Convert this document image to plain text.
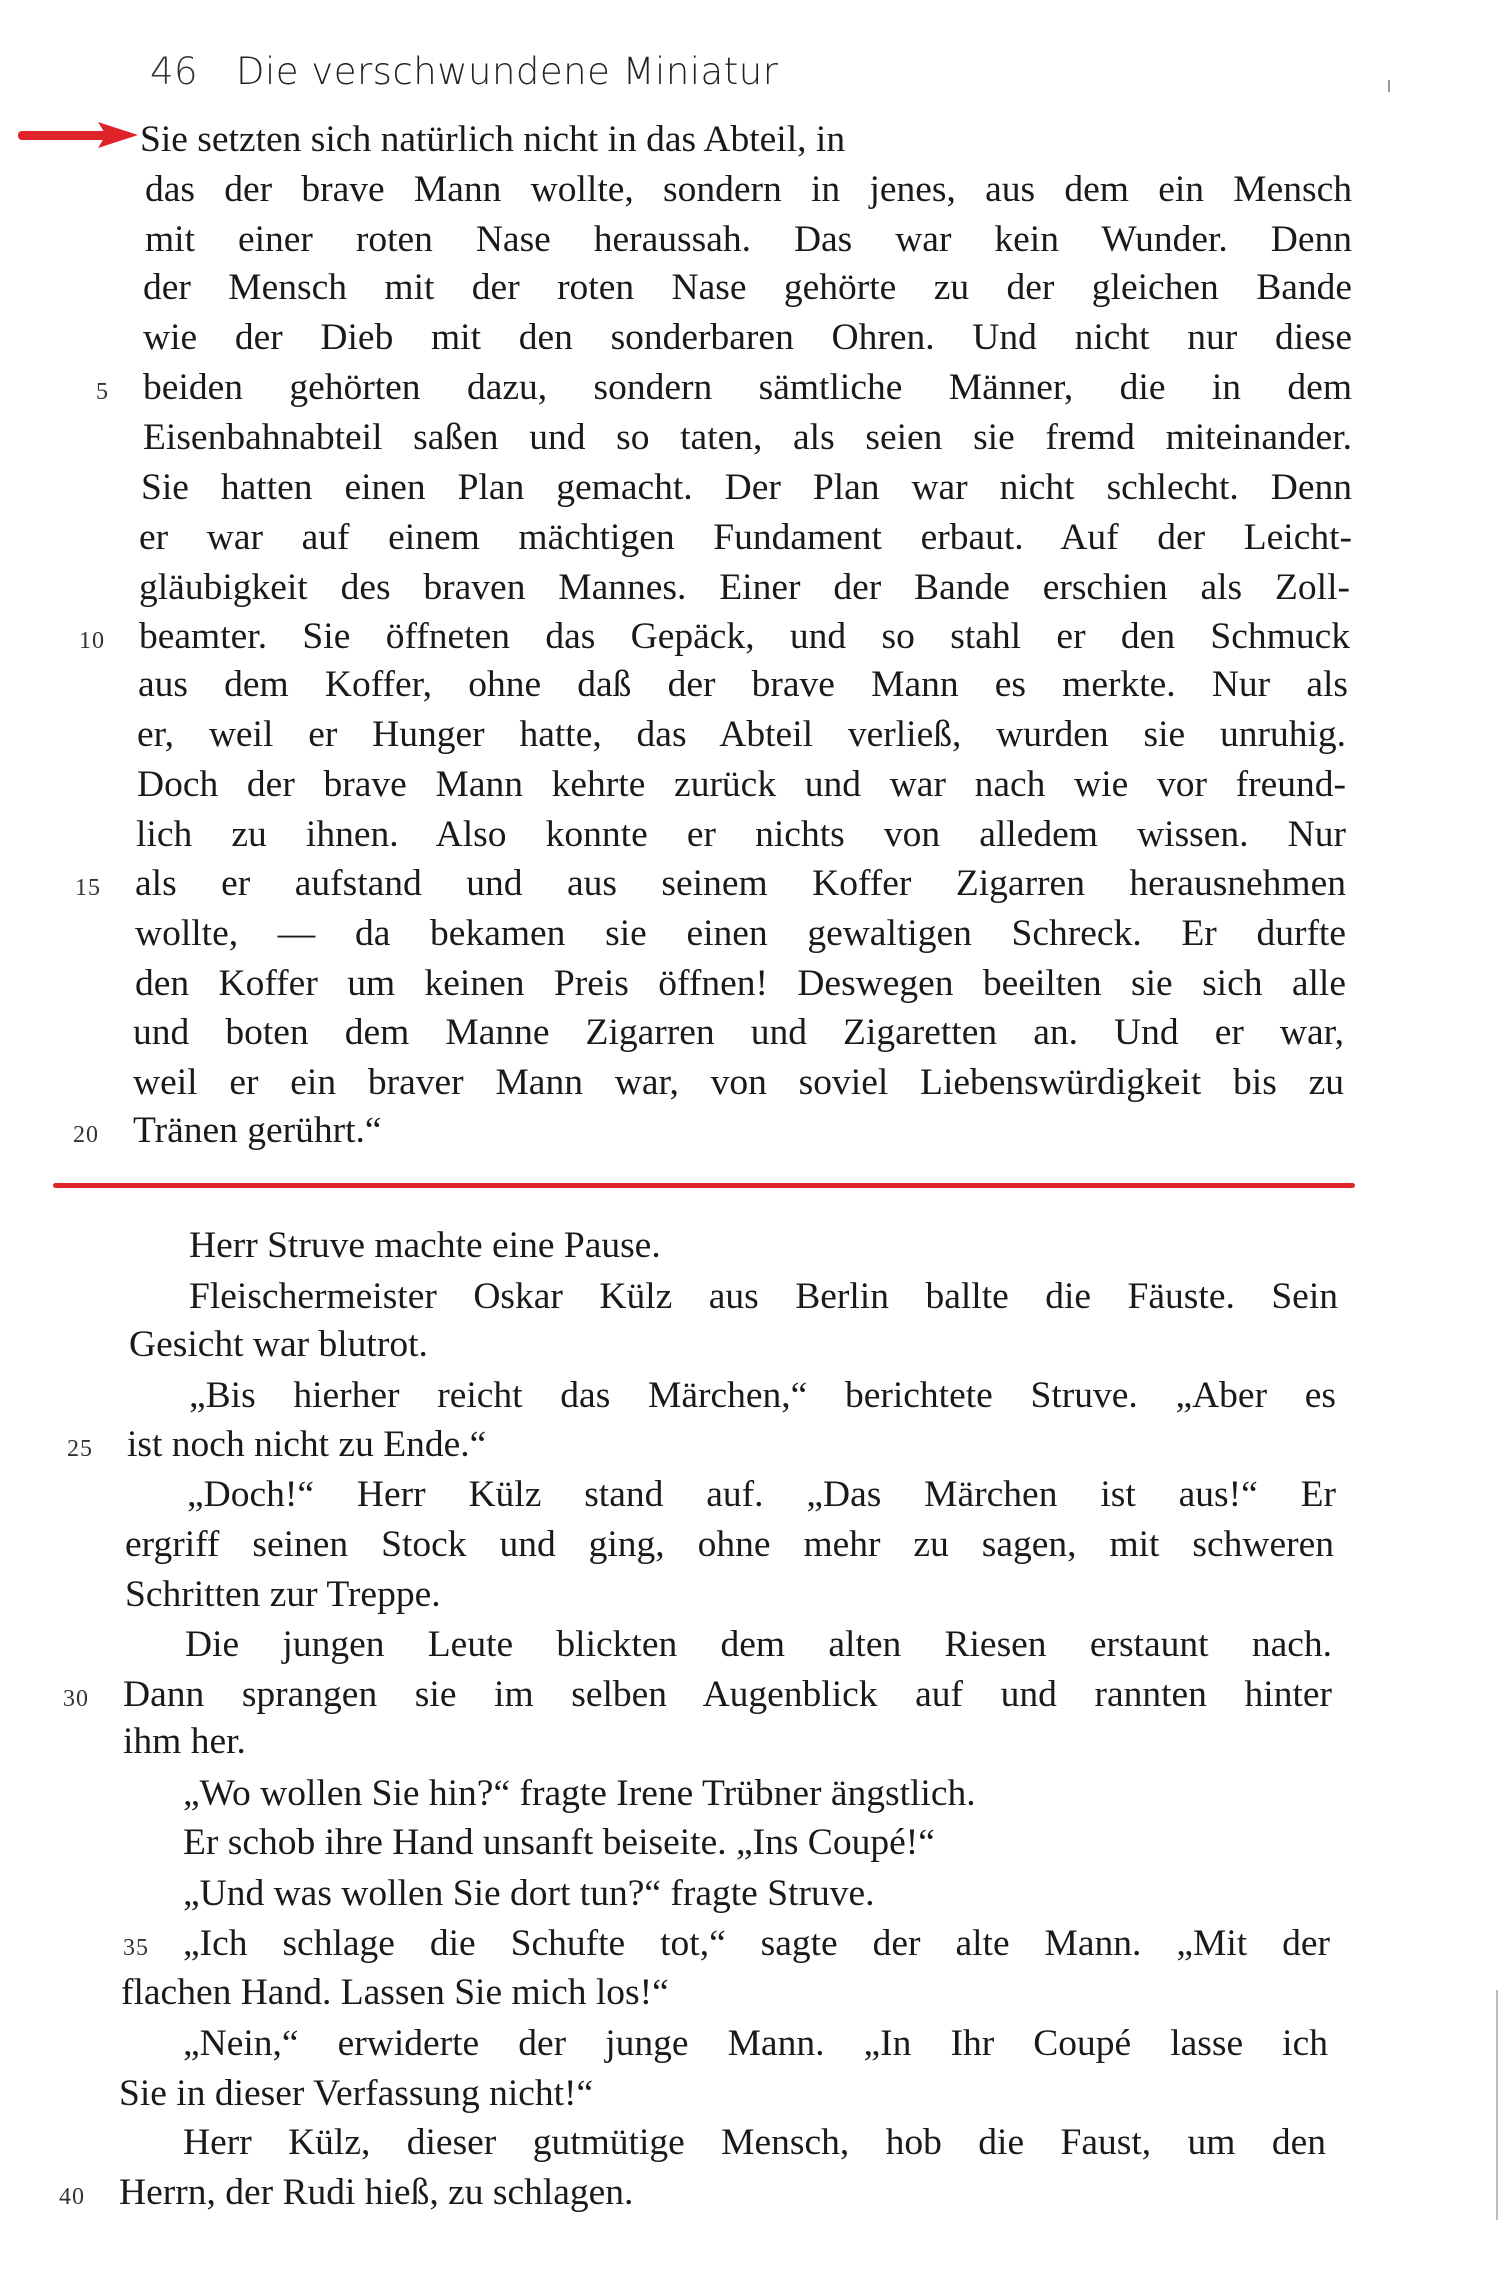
46 Die verschwundene Miniatur
Sie setzten sich natürlich nicht in das Abteil, in
das der brave Mann wollte, sondern in jenes, aus dem ein Mensch
mit einer roten Nase heraussah. Das war kein Wunder. Denn
der Mensch mit der roten Nase gehörte zu der gleichen Bande
wie der Dieb mit den sonderbaren Ohren. Und nicht nur diese
beiden gehörten dazu, sondern sämtliche Männer, die in dem
5
Eisenbahnabteil saßen und so taten, als seien sie fremd miteinander.
Sie hatten einen Plan gemacht. Der Plan war nicht schlecht. Denn
er war auf einem mächtigen Fundament erbaut. Auf der Leicht-
gläubigkeit des braven Mannes. Einer der Bande erschien als Zoll-
beamter. Sie öffneten das Gepäck, und so stahl er den Schmuck
10
aus dem Koffer, ohne daß der brave Mann es merkte. Nur als
er, weil er Hunger hatte, das Abteil verließ, wurden sie unruhig.
Doch der brave Mann kehrte zurück und war nach wie vor freund-
lich zu ihnen. Also konnte er nichts von alledem wissen. Nur
als er aufstand und aus seinem Koffer Zigarren herausnehmen
15
wollte, — da bekamen sie einen gewaltigen Schreck. Er durfte
den Koffer um keinen Preis öffnen! Deswegen beeilten sie sich alle
und boten dem Manne Zigarren und Zigaretten an. Und er war,
weil er ein braver Mann war, von soviel Liebenswürdigkeit bis zu
Tränen gerührt.“
20
Herr Struve machte eine Pause.
Fleischermeister Oskar Külz aus Berlin ballte die Fäuste. Sein
Gesicht war blutrot.
„Bis hierher reicht das Märchen,“ berichtete Struve. „Aber es
ist noch nicht zu Ende.“
25
„Doch!“ Herr Külz stand auf. „Das Märchen ist aus!“ Er
ergriff seinen Stock und ging, ohne mehr zu sagen, mit schweren
Schritten zur Treppe.
Die jungen Leute blickten dem alten Riesen erstaunt nach.
Dann sprangen sie im selben Augenblick auf und rannten hinter
30
ihm her.
„Wo wollen Sie hin?“ fragte Irene Trübner ängstlich.
Er schob ihre Hand unsanft beiseite. „Ins Coupé!“
„Und was wollen Sie dort tun?“ fragte Struve.
„Ich schlage die Schufte tot,“ sagte der alte Mann. „Mit der
35
flachen Hand. Lassen Sie mich los!“
„Nein,“ erwiderte der junge Mann. „In Ihr Coupé lasse ich
Sie in dieser Verfassung nicht!“
Herr Külz, dieser gutmütige Mensch, hob die Faust, um den
Herrn, der Rudi hieß, zu schlagen.
40
